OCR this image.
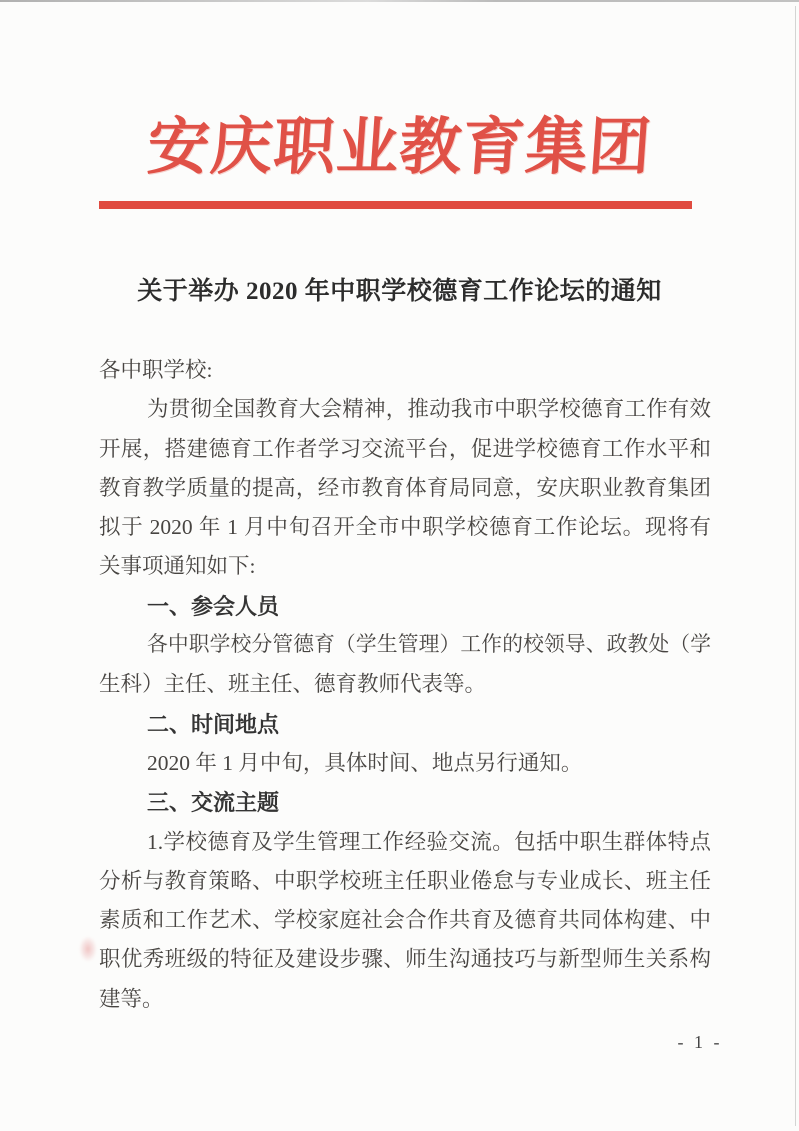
安庆职业教育集团
关于举办 2020 年中职学校德育工作论坛的通知
各中职学校:
为贯彻全国教育大会精神，推动我市中职学校德育工作有效
开展，搭建德育工作者学习交流平台，促进学校德育工作水平和
教育教学质量的提高，经市教育体育局同意，安庆职业教育集团
拟于 2020 年 1 月中旬召开全市中职学校德育工作论坛。现将有
关事项通知如下:
一、参会人员
各中职学校分管德育（学生管理）工作的校领导、政教处（学
生科）主任、班主任、德育教师代表等。
二、时间地点
2020 年 1 月中旬，具体时间、地点另行通知。
三、交流主题
1.学校德育及学生管理工作经验交流。包括中职生群体特点
分析与教育策略、中职学校班主任职业倦怠与专业成长、班主任
素质和工作艺术、学校家庭社会合作共育及德育共同体构建、中
职优秀班级的特征及建设步骤、师生沟通技巧与新型师生关系构
建等。
- 1 -
